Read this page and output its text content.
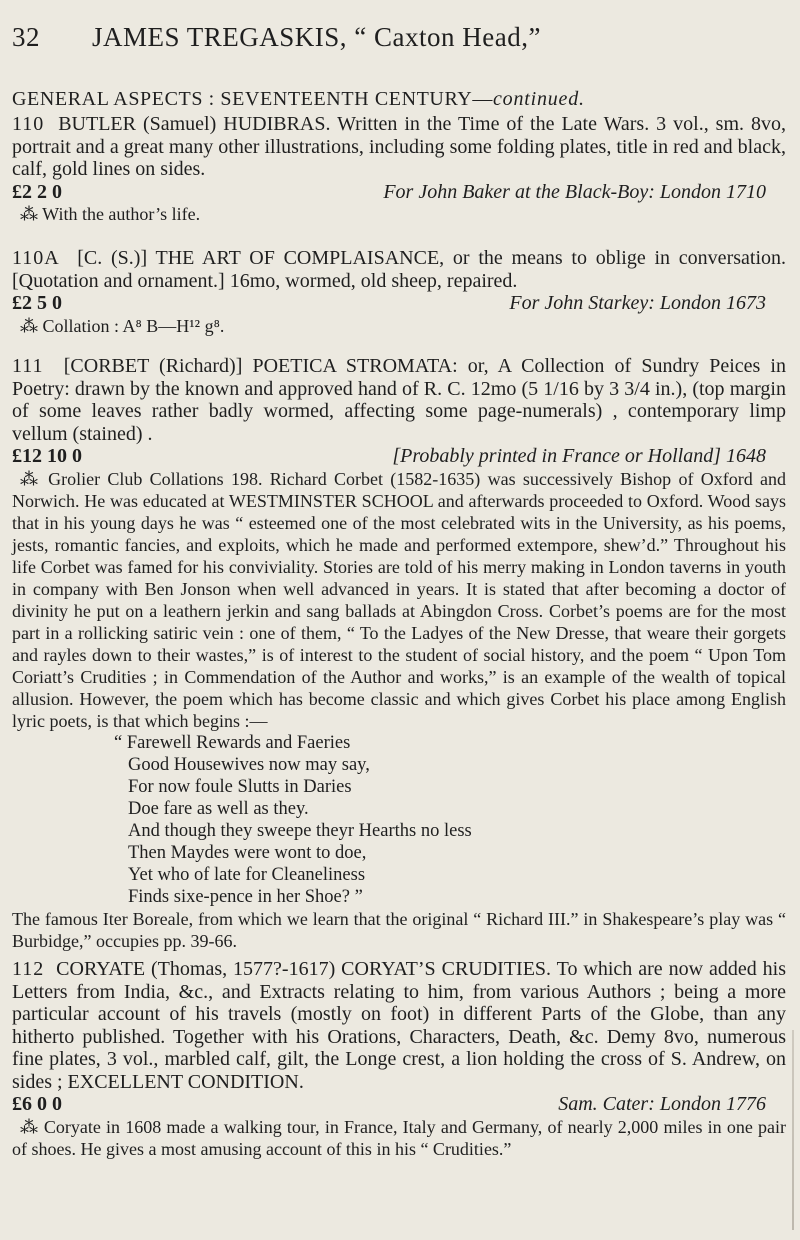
32	JAMES TREGASKIS, “ Caxton Head,”
GENERAL ASPECTS : SEVENTEENTH CENTURY—continued.

110 BUTLER (Samuel) HUDIBRAS. Written in the Time of the Late Wars. 3 vol., sm. 8vo, portrait and a great many other illustrations, including some folding plates, title in red and black, calf, gold lines on sides.

£2 2 0	For John Baker at the Black-Boy: London 1710

⁂ With the author’s life.

110A [C. (S.)] THE ART OF COMPLAISANCE, or the means to oblige in conversation. [Quotation and ornament.] 16mo, wormed, old sheep, repaired.

£2 5 0	For John Starkey: London 1673

⁂ Collation : A⁸ B—H¹² g⁸.

111 [CORBET (Richard)] POETICA STROMATA: or, A Collection of Sundry Peices in Poetry: drawn by the known and approved hand of R. C. 12mo (5 1/16 by 3 3/4 in.), (top margin of some leaves rather badly wormed, affecting some page-numerals) , contemporary limp vellum (stained) .

£12 10 0	[Probably printed in France or Holland] 1648

⁂ Grolier Club Collations 198. Richard Corbet (1582-1635) was successively Bishop of Oxford and Norwich. He was educated at WESTMINSTER SCHOOL and afterwards proceeded to Oxford. Wood says that in his young days he was “ esteemed one of the most celebrated wits in the University, as his poems, jests, romantic fancies, and exploits, which he made and performed extempore, shew’d.” Throughout his life Corbet was famed for his conviviality. Stories are told of his merry making in London taverns in youth in company with Ben Jonson when well advanced in years. It is stated that after becoming a doctor of divinity he put on a leathern jerkin and sang ballads at Abingdon Cross. Corbet’s poems are for the most part in a rollicking satiric vein : one of them, “ To the Ladyes of the New Dresse, that weare their gorgets and rayles down to their wastes,” is of interest to the student of social history, and the poem “ Upon Tom Coriatt’s Crudities ; in Commendation of the Author and works,” is an example of the wealth of topical allusion. However, the poem which has become classic and which gives Corbet his place among English lyric poets, is that which begins :—

“ Farewell Rewards and Faeries
Good Housewives now may say,
For now foule Slutts in Daries
Doe fare as well as they.
And though they sweepe theyr Hearths no less
Then Maydes were wont to doe,
Yet who of late for Cleaneliness
Finds sixe-pence in her Shoe? ”

The famous Iter Boreale, from which we learn that the original “ Richard III.” in Shakespeare’s play was “ Burbidge,” occupies pp. 39-66.

112 CORYATE (Thomas, 1577?-1617) CORYAT’S CRUDITIES. To which are now added his Letters from India, &c., and Extracts relating to him, from various Authors ; being a more particular account of his travels (mostly on foot) in different Parts of the Globe, than any hitherto published. Together with his Orations, Characters, Death, &c. Demy 8vo, numerous fine plates, 3 vol., marbled calf, gilt, the Longe crest, a lion holding the cross of S. Andrew, on sides ; EXCELLENT CONDITION.

£6 0 0	Sam. Cater: London 1776

⁂ Coryate in 1608 made a walking tour, in France, Italy and Germany, of nearly 2,000 miles in one pair of shoes. He gives a most amusing account of this in his “ Crudities.”
